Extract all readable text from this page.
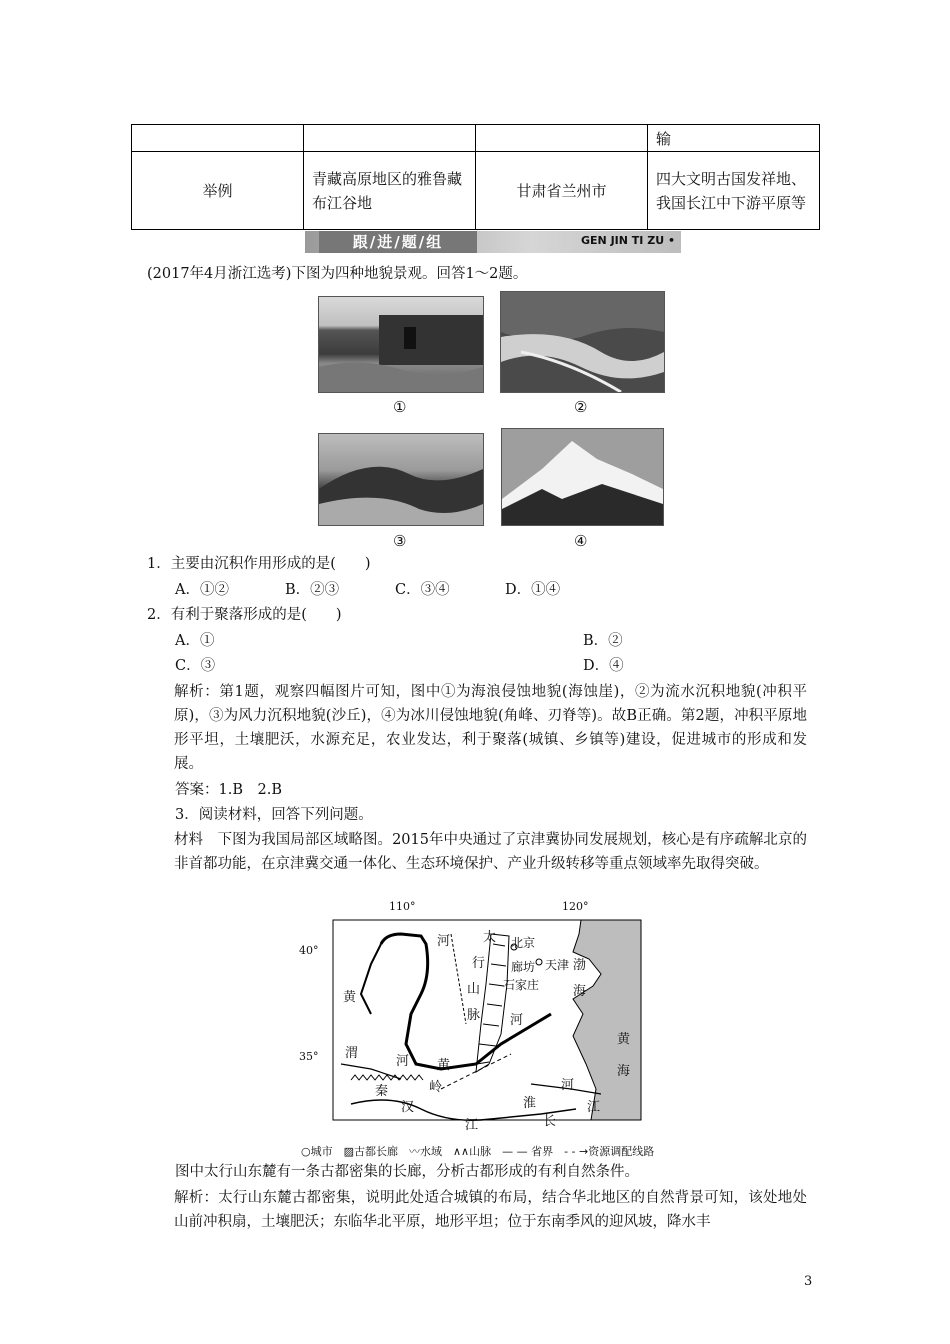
			输
举例	青藏高原地区的雅鲁藏布江谷地	甘肃省兰州市	四大文明古国发祥地、我国长江中下游平原等
跟/进/题/组	GEN JIN TI ZU •
(2017年4月浙江选考)下图为四种地貌景观。回答1～2题。
①	②
③	④
1．主要由沉积作用形成的是(　　)
A．①②	B．②③	C．③④	D．①④
2．有利于聚落形成的是(　　)
A．①	B．②
C．③	D．④
解析：第1题，观察四幅图片可知，图中①为海浪侵蚀地貌(海蚀崖)，②为流水沉积地貌(冲积平原)，③为风力沉积地貌(沙丘)，④为冰川侵蚀地貌(角峰、刃脊等)。故B正确。第2题，冲积平原地形平坦，土壤肥沃，水源充足，农业发达，利于聚落(城镇、乡镇等)建设，促进城市的形成和发展。
答案：1.B　2.B
3．阅读材料，回答下列问题。
材料　下图为我国局部区域略图。2015年中央通过了京津冀协同发展规划，核心是有序疏解北京的非首都功能，在京津冀交通一体化、生态环境保护、产业升级转移等重点领域率先取得突破。
110°	120°
40°
35°
河
黄
渭
河 黄
河
太
行
山
脉
北京
天津
廊坊
石家庄
渤
海
黄
海
秦	岭
汉
江
淮
河
长
江
○城市　▨古都长廊　〰水域　∧∧山脉　— — 省界　- - →资源调配线路
图中太行山东麓有一条古都密集的长廊，分析古都形成的有利自然条件。
解析：太行山东麓古都密集，说明此处适合城镇的布局，结合华北地区的自然背景可知，该处地处山前冲积扇，土壤肥沃；东临华北平原，地形平坦；位于东南季风的迎风坡，降水丰
3
